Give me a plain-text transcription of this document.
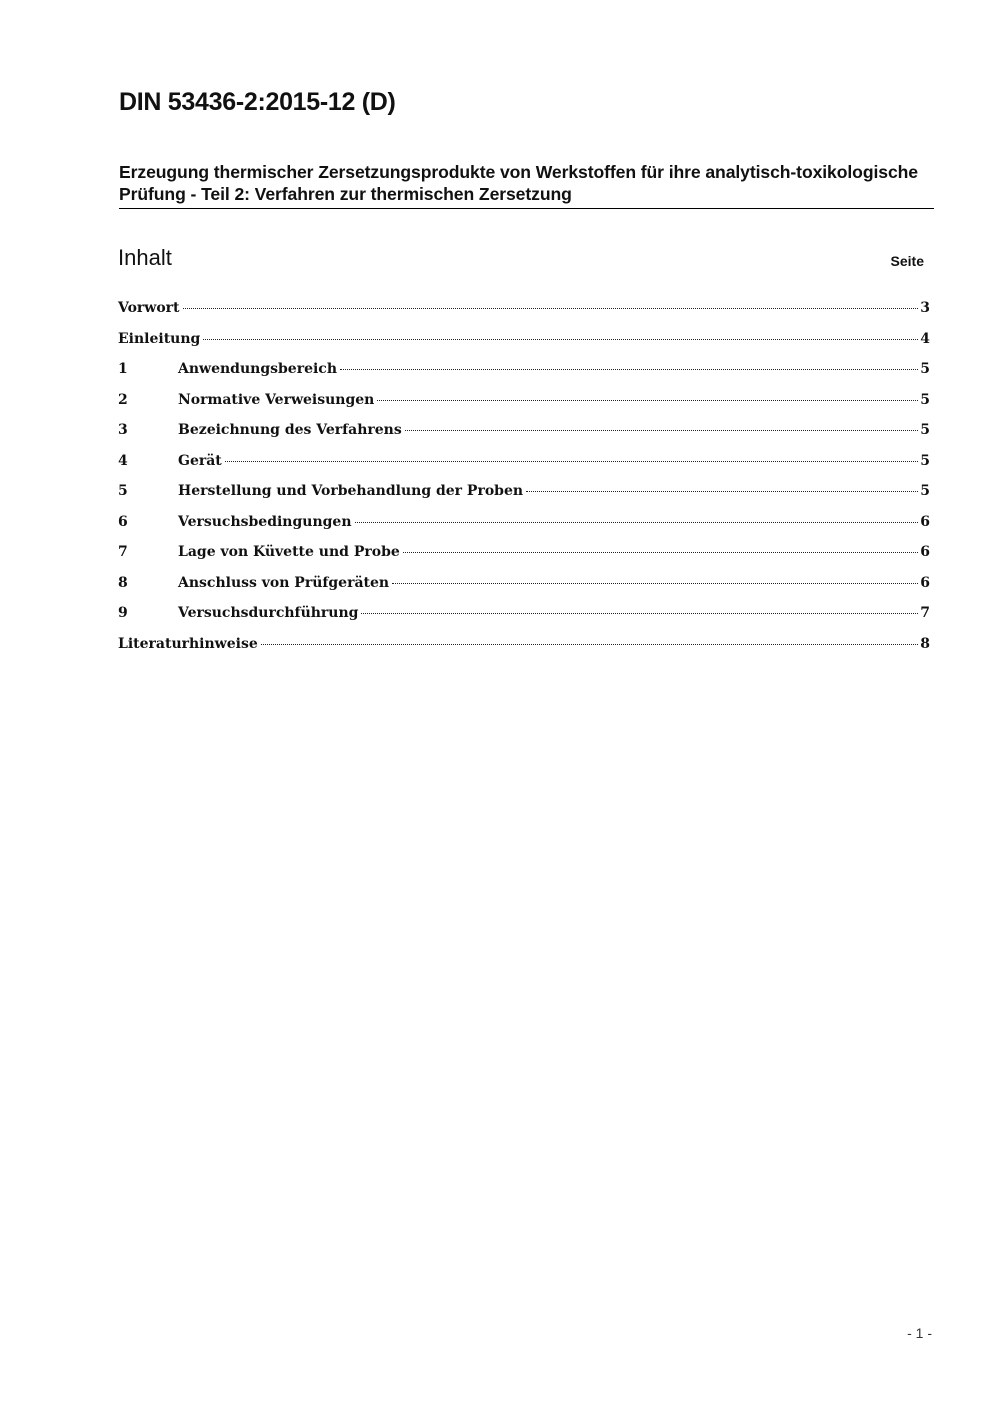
DIN 53436-2:2015-12 (D)
Erzeugung thermischer Zersetzungsprodukte von Werkstoffen für ihre analytisch-toxikologische Prüfung - Teil 2: Verfahren zur thermischen Zersetzung
Inhalt	Seite
Vorwort	3
Einleitung	4
1	Anwendungsbereich	5
2	Normative Verweisungen	5
3	Bezeichnung des Verfahrens	5
4	Gerät	5
5	Herstellung und Vorbehandlung der Proben	5
6	Versuchsbedingungen	6
7	Lage von Küvette und Probe	6
8	Anschluss von Prüfgeräten	6
9	Versuchsdurchführung	7
Literaturhinweise	8
- 1 -
